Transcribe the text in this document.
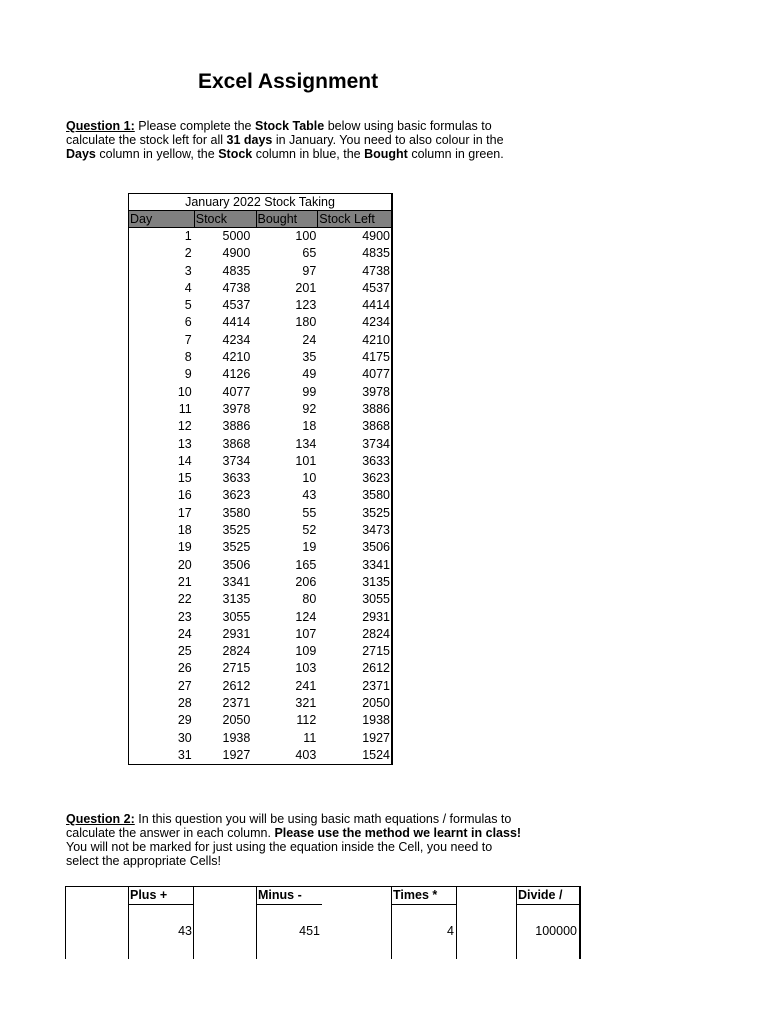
Excel Assignment
Question 1: Please complete the Stock Table below using basic formulas to calculate the stock left for all 31 days in January. You need to also colour in the Days column in yellow, the Stock column in blue, the Bought column in green.
January 2022 Stock Taking
Day	Stock	Bought	Stock Left
1	5000	100	4900
2	4900	65	4835
3	4835	97	4738
4	4738	201	4537
5	4537	123	4414
6	4414	180	4234
7	4234	24	4210
8	4210	35	4175
9	4126	49	4077
10	4077	99	3978
11	3978	92	3886
12	3886	18	3868
13	3868	134	3734
14	3734	101	3633
15	3633	10	3623
16	3623	43	3580
17	3580	55	3525
18	3525	52	3473
19	3525	19	3506
20	3506	165	3341
21	3341	206	3135
22	3135	80	3055
23	3055	124	2931
24	2931	107	2824
25	2824	109	2715
26	2715	103	2612
27	2612	241	2371
28	2371	321	2050
29	2050	112	1938
30	1938	11	1927
31	1927	403	1524
Question 2: In this question you will be using basic math equations / formulas to calculate the answer in each column. Please use the method we learnt in class! You will not be marked for just using the equation inside the Cell, you need to select the appropriate Cells!
Plus +	Minus -	Times *	Divide /
43	451	4	100000
